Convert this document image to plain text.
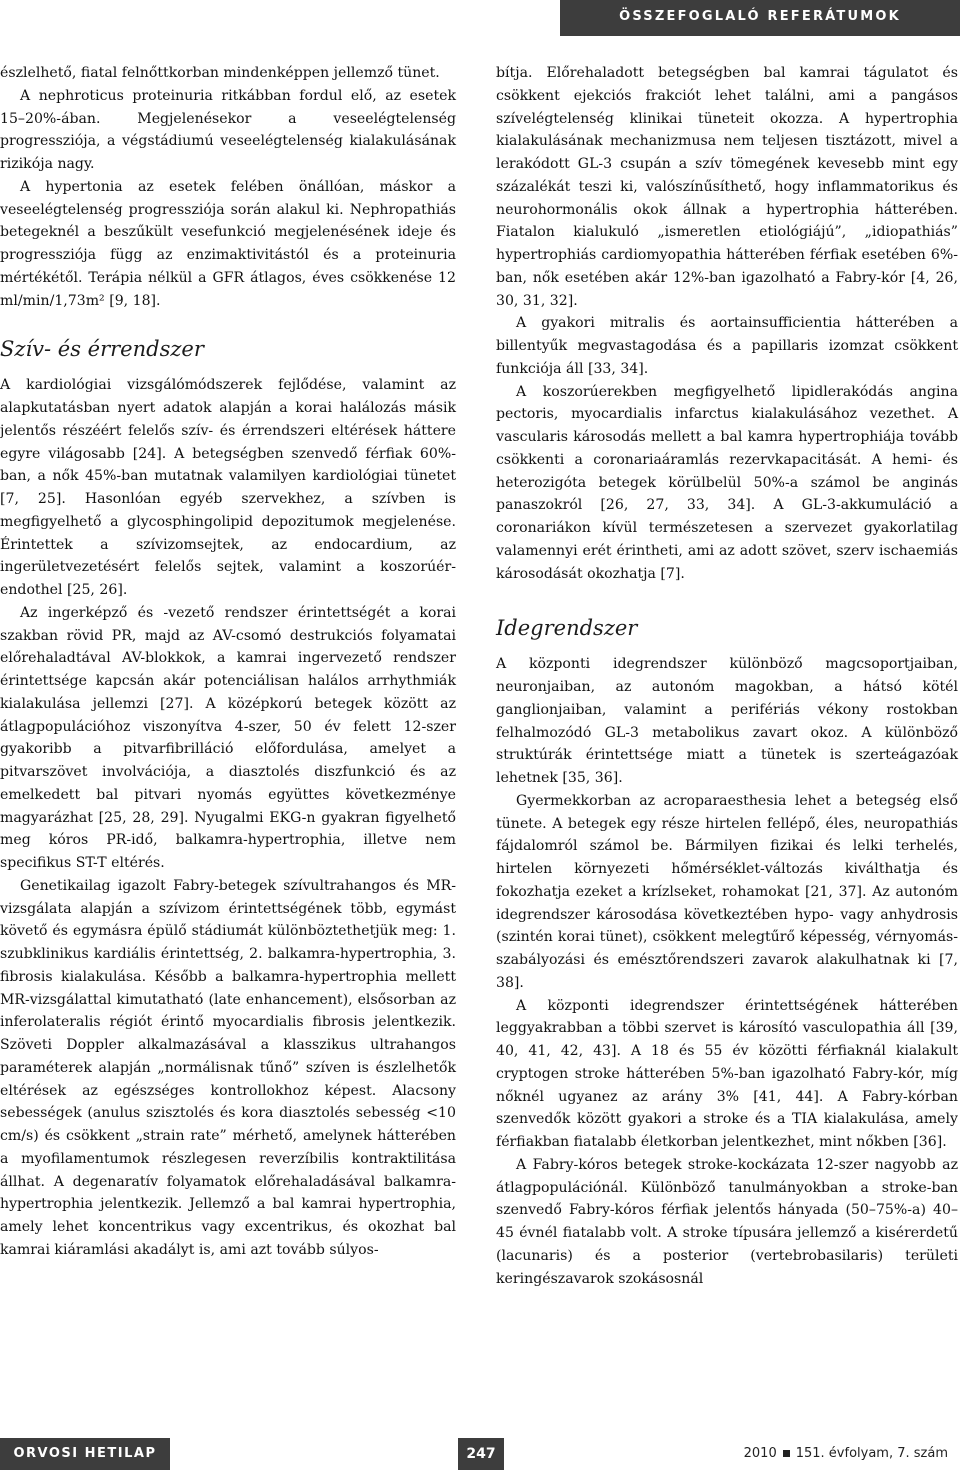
ÖSSZEFOGLALÓ REFERÁTUMOK

észlelhető, fiatal felnőttkorban mindenképpen jellemző tünet.

A nephroticus proteinuria ritkábban fordul elő, az esetek 15–20%-ában. Megjelenésekor a veseelégtelenség progressziója, a végstádiumú veseelégtelenség kialakulásának rizikója nagy.

A hypertonia az esetek felében önállóan, máskor a veseelégtelenség progressziója során alakul ki. Nephropathiás betegeknél a beszűkült vesefunkció megjelenésének ideje és progressziója függ az enzimaktivitástól és a proteinuria mértékétől. Terápia nélkül a GFR átlagos, éves csökkenése 12 ml/min/1,73m² [9, 18].

Szív- és érrendszer

A kardiológiai vizsgálómódszerek fejlődése, valamint az alapkutatásban nyert adatok alapján a korai halálozás másik jelentős részéért felelős szív- és érrendszeri eltérések háttere egyre világosabb [24]. A betegségben szenvedő férfiak 60%-ban, a nők 45%-ban mutatnak valamilyen kardiológiai tünetet [7, 25]. Hasonlóan egyéb szervekhez, a szívben is megfigyelhető a glycosphingolipid depozitumok megjelenése. Érintettek a szívizomsejtek, az endocardium, az ingerületvezetésért felelős sejtek, valamint a koszorúér-endothel [25, 26].

Az ingerképző és -vezető rendszer érintettségét a korai szakban rövid PR, majd az AV-csomó destrukciós folyamatai előrehaladtával AV-blokkok, a kamrai ingervezető rendszer érintettsége kapcsán akár potenciálisan halálos arrhythmiák kialakulása jellemzi [27]. A középkorú betegek között az átlagpopulációhoz viszonyítva 4-szer, 50 év felett 12-szer gyakoribb a pitvarfibrilláció előfordulása, amelyet a pitvarszövet involvációja, a diasztolés diszfunkció és az emelkedett bal pitvari nyomás együttes következménye magyarázhat [25, 28, 29]. Nyugalmi EKG-n gyakran figyelhető meg kóros PR-idő, balkamra-hypertrophia, illetve nem specifikus ST-T eltérés.

Genetikailag igazolt Fabry-betegek szívultrahangos és MR-vizsgálata alapján a szívizom érintettségének több, egymást követő és egymásra épülő stádiumát különböztethetjük meg: 1. szubklinikus kardiális érintettség, 2. balkamra-hypertrophia, 3. fibrosis kialakulása. Később a balkamra-hypertrophia mellett MR-vizsgálattal kimutatható (late enhancement), elsősorban az inferolateralis régiót érintő myocardialis fibrosis jelentkezik. Szöveti Doppler alkalmazásával a klasszikus ultrahangos paraméterek alapján „normálisnak tűnő” szíven is észlelhetők eltérések az egészséges kontrollokhoz képest. Alacsony sebességek (anulus szisztolés és kora diasztolés sebesség <10 cm/s) és csökkent „strain rate” mérhető, amelynek hátterében a myofilamentumok részlegesen reverzíbilis kontraktilitása állhat. A degenaratív folyamatok előrehaladásával balkamra-hypertrophia jelentkezik. Jellemző a bal kamrai hypertrophia, amely lehet koncentrikus vagy excentrikus, és okozhat bal kamrai kiáramlási akadályt is, ami azt tovább súlyos-

bítja. Előrehaladott betegségben bal kamrai tágulatot és csökkent ejekciós frakciót lehet találni, ami a pangásos szívelégtelenség klinikai tüneteit okozza. A hypertrophia kialakulásának mechanizmusa nem teljesen tisztázott, mivel a lerakódott GL-3 csupán a szív tömegének kevesebb mint egy százalékát teszi ki, valószínűsíthető, hogy inflammatorikus és neurohormonális okok állnak a hypertrophia hátterében. Fiatalon kialukuló „ismeretlen etiológiájú”, „idiopathiás” hypertrophiás cardiomyopathia hátterében férfiak esetében 6%-ban, nők esetében akár 12%-ban igazolható a Fabry-kór [4, 26, 30, 31, 32].

A gyakori mitralis és aortainsufficientia hátterében a billentyűk megvastagodása és a papillaris izomzat csökkent funkciója áll [33, 34].

A koszorúerekben megfigyelhető lipidlerakódás angina pectoris, myocardialis infarctus kialakulásához vezethet. A vascularis károsodás mellett a bal kamra hypertrophiája tovább csökkenti a coronariaáramlás rezervkapacitását. A hemi- és heterozigóta betegek körülbelül 50%-a számol be anginás panaszokról [26, 27, 33, 34]. A GL-3-akkumuláció a coronariákon kívül természetesen a szervezet gyakorlatilag valamennyi erét érintheti, ami az adott szövet, szerv ischaemiás károsodását okozhatja [7].

Idegrendszer

A központi idegrendszer különböző magcsoportjaiban, neuronjaiban, az autonóm magokban, a hátsó kötél ganglionjaiban, valamint a perifériás vékony rostokban felhalmozódó GL-3 metabolikus zavart okoz. A különböző struktúrák érintettsége miatt a tünetek is szerteágazóak lehetnek [35, 36].

Gyermekkorban az acroparaesthesia lehet a betegség első tünete. A betegek egy része hirtelen fellépő, éles, neuropathiás fájdalomról számol be. Bármilyen fizikai és lelki terhelés, hirtelen környezeti hőmérséklet-változás kiválthatja és fokozhatja ezeket a krízlseket, rohamokat [21, 37]. Az autonóm idegrendszer károsodása következtében hypo- vagy anhydrosis (szintén korai tünet), csökkent melegtűrő képesség, vérnyomás-szabályozási és emésztőrendszeri zavarok alakulhatnak ki [7, 38].

A központi idegrendszer érintettségének hátterében leggyakrabban a többi szervet is károsító vasculopathia áll [39, 40, 41, 42, 43]. A 18 és 55 év közötti férfiaknál kialakult cryptogen stroke hátterében 5%-ban igazolható Fabry-kór, míg nőknél ugyanez az arány 3% [41, 44]. A Fabry-kórban szenvedők között gyakori a stroke és a TIA kialakulása, amely férfiakban fiatalabb életkorban jelentkezhet, mint nőkben [36].

A Fabry-kóros betegek stroke-kockázata 12-szer nagyobb az átlagpopulációnál. Különböző tanulmányokban a stroke-ban szenvedő Fabry-kóros férfiak jelentős hányada (50–75%-a) 40–45 évnél fiatalabb volt. A stroke típusára jellemző a kisérerdetű (lacunaris) és a posterior (vertebrobasilaris) területi keringészavarok szokásosnál

ORVOSI HETILAP	247	2010 151. évfolyam, 7. szám
